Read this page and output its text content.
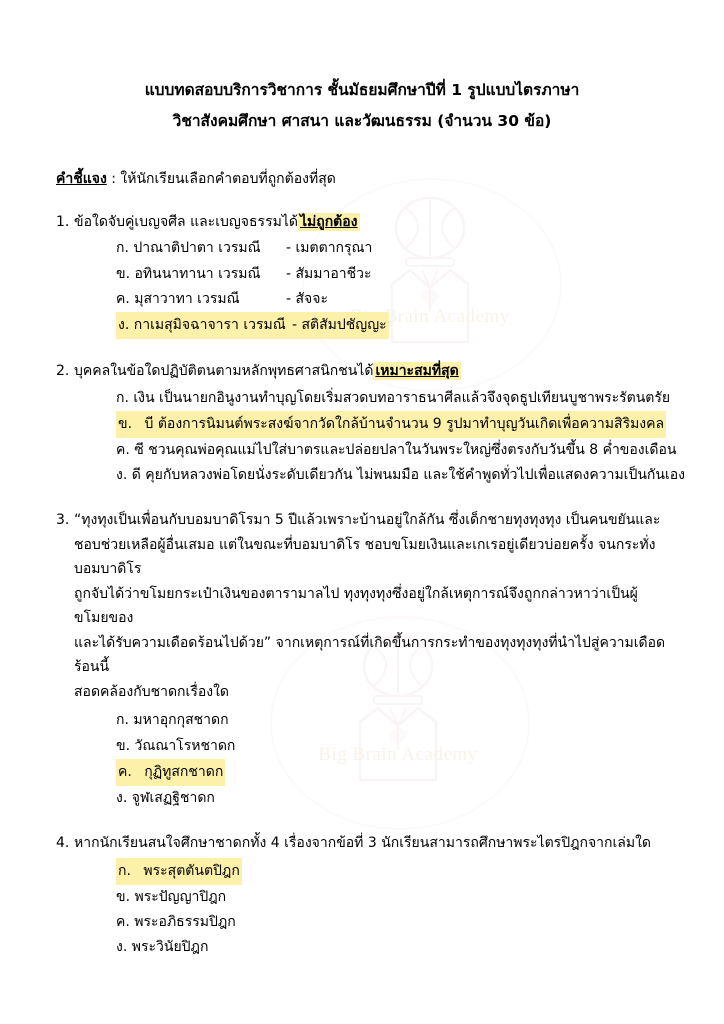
Big Brain Academy
Big Brain Academy
แบบทดสอบบริการวิชาการ ชั้นมัธยมศึกษาปีที่ 1 รูปแบบไตรภาษา
วิชาสังคมศึกษา ศาสนา และวัฒนธรรม (จำนวน 30 ข้อ)
คำชี้แจง : ให้นักเรียนเลือกคำตอบที่ถูกต้องที่สุด
1. ข้อใดจับคู่เบญจศีล และเบญจธรรมได้ ไม่ถูกต้อง
ก. ปาณาติปาตา เวรมณี	- เมตตากรุณา
ข. อทินนาทานา เวรมณี	- สัมมาอาชีวะ
ค. มุสาวาทา เวรมณี	- สัจจะ
ง. กาเมสุมิจฉาจารา เวรมณี - สติสัมปชัญญะ
2. บุคคลในข้อใดปฏิบัติตนตามหลักพุทธศาสนิกชนได้ เหมาะสมที่สุด
ก.
เงิน เป็นนายกอินูงานทำบุญโดยเริ่มสวดบทอาราธนาศีลแล้วจึงจุดธูปเทียนบูชาพระรัตนตรัย
ข.
บี ต้องการนิมนต์พระสงฆ์จากวัดใกล้บ้านจำนวน 9 รูปมาทำบุญวันเกิดเพื่อความสิริมงคล
ค.
ซี ชวนคุณพ่อคุณแม่ไปใส่บาตรและปล่อยปลาในวันพระใหญ่ซึ่งตรงกับวันขึ้น 8 ค่ำของเดือน
ง.
ดี คุยกับหลวงพ่อโดยนั่งระดับเดียวกัน ไม่พนมมือ และใช้คำพูดทั่วไปเพื่อแสดงความเป็นกันเอง
3. “ทุงทุงเป็นเพื่อนกับบอมบาดิโรมา 5 ปีแล้วเพราะบ้านอยู่ใกล้กัน ซึ่งเด็กชายทุงทุงทุง เป็นคนขยันและ
ชอบช่วยเหลือผู้อื่นเสมอ แต่ในขณะที่บอมบาดิโร ชอบขโมยเงินและเกเรอยู่เดียวบ่อยครั้ง จนกระทั่งบอมบาดิโร
ถูกจับได้ว่าขโมยกระเป๋าเงินของตารามาลไป ทุงทุงทุงซึ่งอยู่ใกล้เหตุการณ์จึงถูกกล่าวหาว่าเป็นผู้ขโมยของ
และได้รับความเดือดร้อนไปด้วย” จากเหตุการณ์ที่เกิดขึ้นการกระทำของทุงทุงทุงที่นำไปสู่ความเดือดร้อนนี้
สอดคล้องกับชาดกเรื่องใด
ก.
มหาอุกกุสชาดก
ข.
วัณณาโรหชาดก
ค.
กุฏิทูสกชาดก
ง.
จูฬเสฏฐิชาดก
4. หากนักเรียนสนใจศึกษาชาดกทั้ง 4 เรื่องจากข้อที่ 3 นักเรียนสามารถศึกษาพระไตรปิฎกจากเล่มใด
ก.
พระสุตตันตปิฎก
ข.
พระปัญญาปิฎก
ค.
พระอภิธรรมปิฎก
ง.
พระวินัยปิฎก
